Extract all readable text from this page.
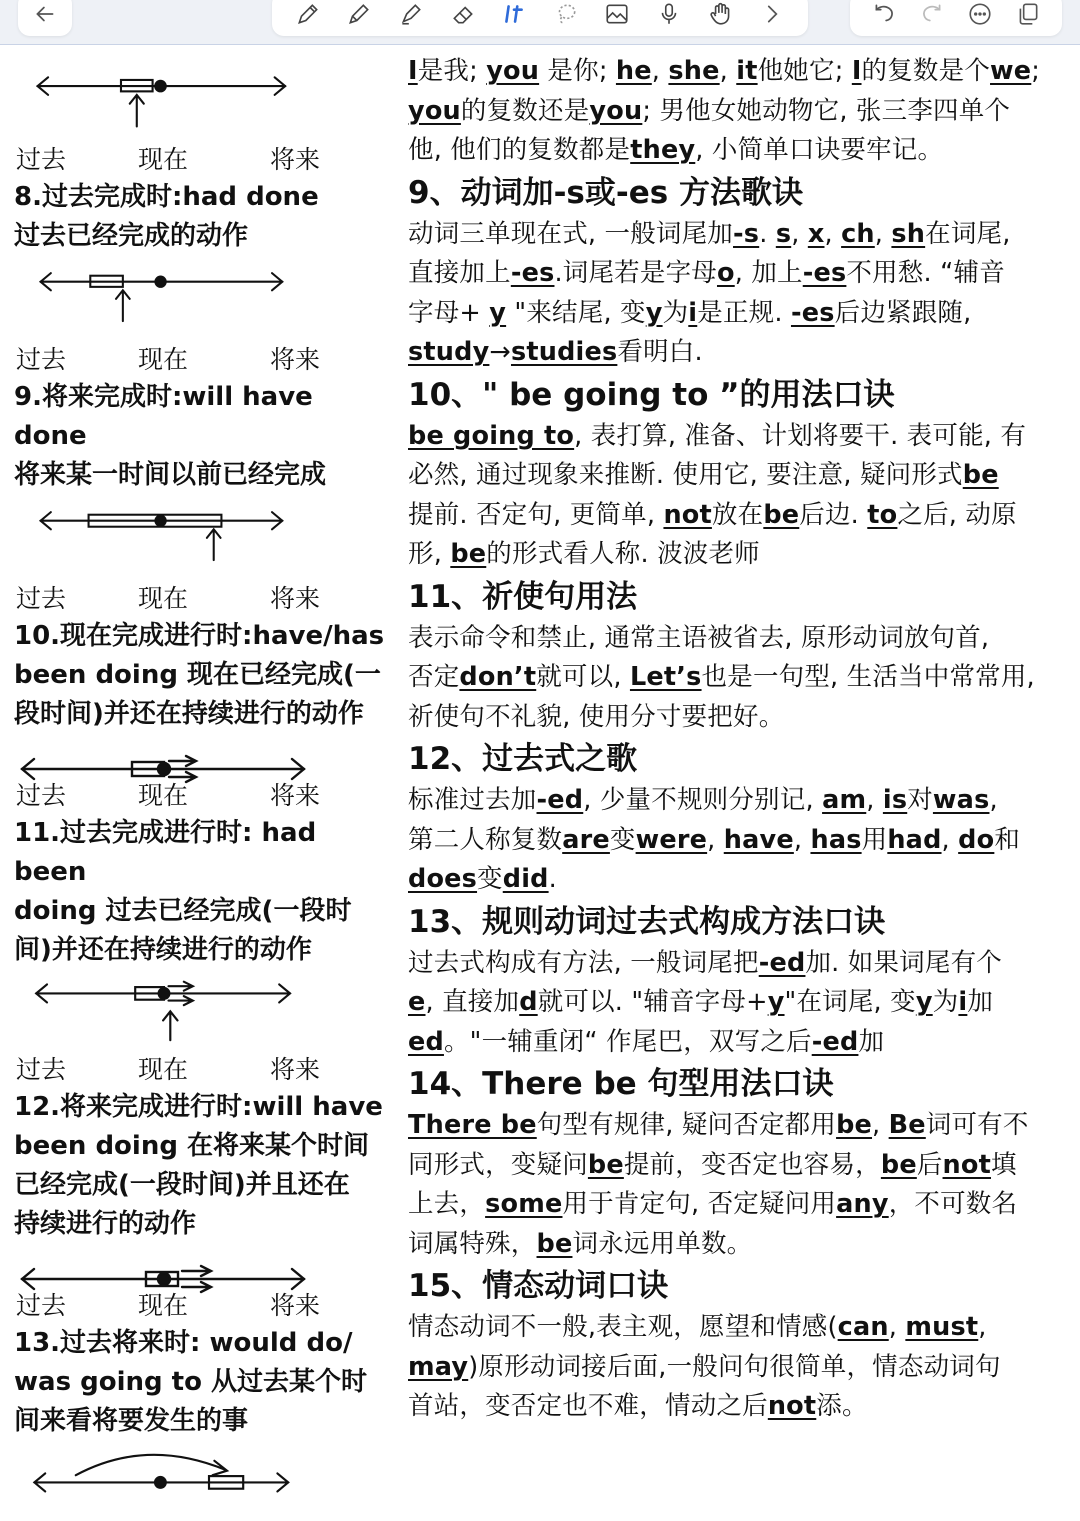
过去	现在	将来
8.过去完成时:had done
过去已经完成的动作
过去	现在	将来
9.将来完成时:will have done
将来某一时间以前已经完成
过去	现在	将来
10.现在完成进行时:have/has
been doing 现在已经完成(一
段时间)并还在持续进行的动作
过去	现在	将来
11.过去完成进行时: had been
doing 过去已经完成(一段时
间)并还在持续进行的动作
过去	现在	将来
12.将来完成进行时:will have
been doing 在将来某个时间
已经完成(一段时间)并且还在
持续进行的动作
过去	现在	将来
13.过去将来时: would do/
was going to 从过去某个时
间来看将要发生的事
I是我; you 是你; he, she, it他她它; I的复数是个we;
you的复数还是you; 男他女她动物它, 张三李四单个
他, 他们的复数都是they, 小简单口诀要牢记。
9、动词加-s或-es 方法歌诀
动词三单现在式, 一般词尾加-s. s, x, ch, sh在词尾,
直接加上-es.词尾若是字母o, 加上-es不用愁. “辅音
字母+ y "来结尾, 变y为i是正规. -es后边紧跟随,
study→studies看明白.
10、" be going to ”的用法口诀
be going to, 表打算, 准备、计划将要干. 表可能, 有
必然, 通过现象来推断. 使用它, 要注意, 疑问形式be
提前. 否定句, 更简单, not放在be后边. to之后, 动原
形, be的形式看人称. 波波老师
11、祈使句用法
表示命令和禁止, 通常主语被省去, 原形动词放句首,
否定don’t就可以, Let’s也是一句型, 生活当中常常用,
祈使句不礼貌, 使用分寸要把好。
12、过去式之歌
标准过去加-ed, 少量不规则分别记, am, is对was,
第二人称复数are变were, have, has用had, do和
does变did.
13、规则动词过去式构成方法口诀
过去式构成有方法, 一般词尾把-ed加. 如果词尾有个
e, 直接加d就可以. "辅音字母+y"在词尾, 变y为i加
ed。"一辅重闭“ 作尾巴，双写之后-ed加
14、There be 句型用法口诀
There be句型有规律, 疑问否定都用be, Be词可有不
同形式，变疑问be提前，变否定也容易，be后not填
上去，some用于肯定句, 否定疑问用any，不可数名
词属特殊，be词永远用单数。
15、情态动词口诀
情态动词不一般,表主观，愿望和情感(can, must,
may)原形动词接后面,一般问句很简单，情态动词句
首站，变否定也不难，情动之后not添。
